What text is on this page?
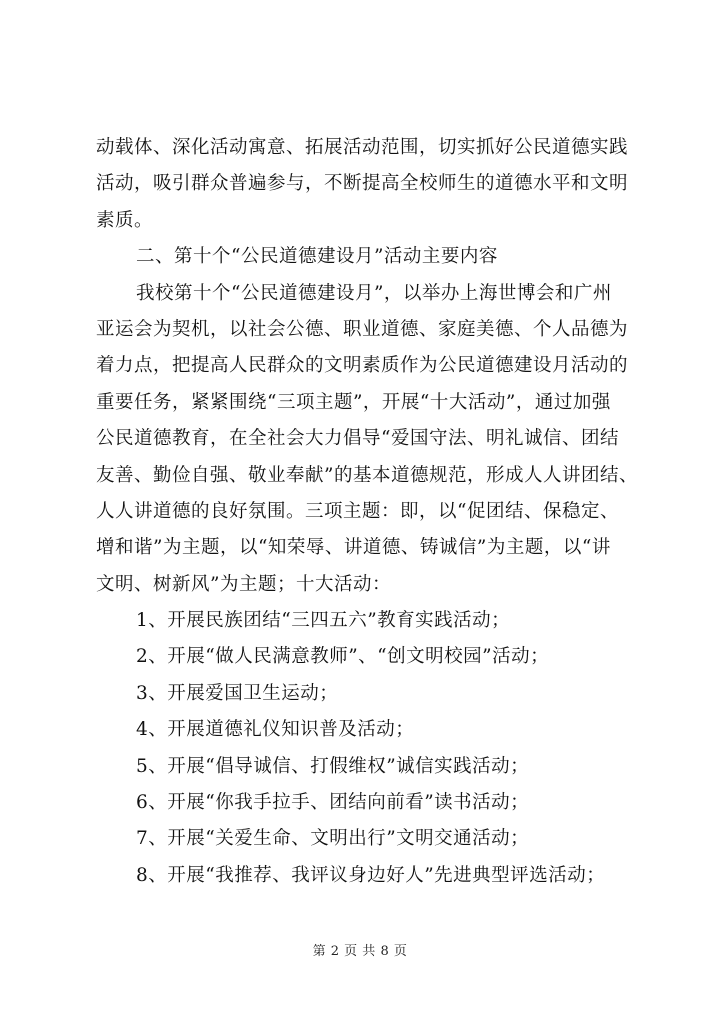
动载体、深化活动寓意、拓展活动范围，切实抓好公民道德实践
活动，吸引群众普遍参与，不断提高全校师生的道德水平和文明
素质。
二、第十个“公民道德建设月”活动主要内容
我校第十个“公民道德建设月”，以举办上海世博会和广州
亚运会为契机，以社会公德、职业道德、家庭美德、个人品德为
着力点，把提高人民群众的文明素质作为公民道德建设月活动的
重要任务，紧紧围绕“三项主题”，开展“十大活动”，通过加强
公民道德教育，在全社会大力倡导“爱国守法、明礼诚信、团结
友善、勤俭自强、敬业奉献”的基本道德规范，形成人人讲团结、
人人讲道德的良好氛围。三项主题：即，以“促团结、保稳定、
增和谐”为主题，以“知荣辱、讲道德、铸诚信”为主题，以“讲
文明、树新风”为主题；十大活动：
1、开展民族团结“三四五六”教育实践活动；
2、开展“做人民满意教师”、“创文明校园”活动；
3、开展爱国卫生运动；
4、开展道德礼仪知识普及活动；
5、开展“倡导诚信、打假维权”诚信实践活动；
6、开展“你我手拉手、团结向前看”读书活动；
7、开展“关爱生命、文明出行”文明交通活动；
8、开展“我推荐、我评议身边好人”先进典型评选活动；
第 2 页 共 8 页
